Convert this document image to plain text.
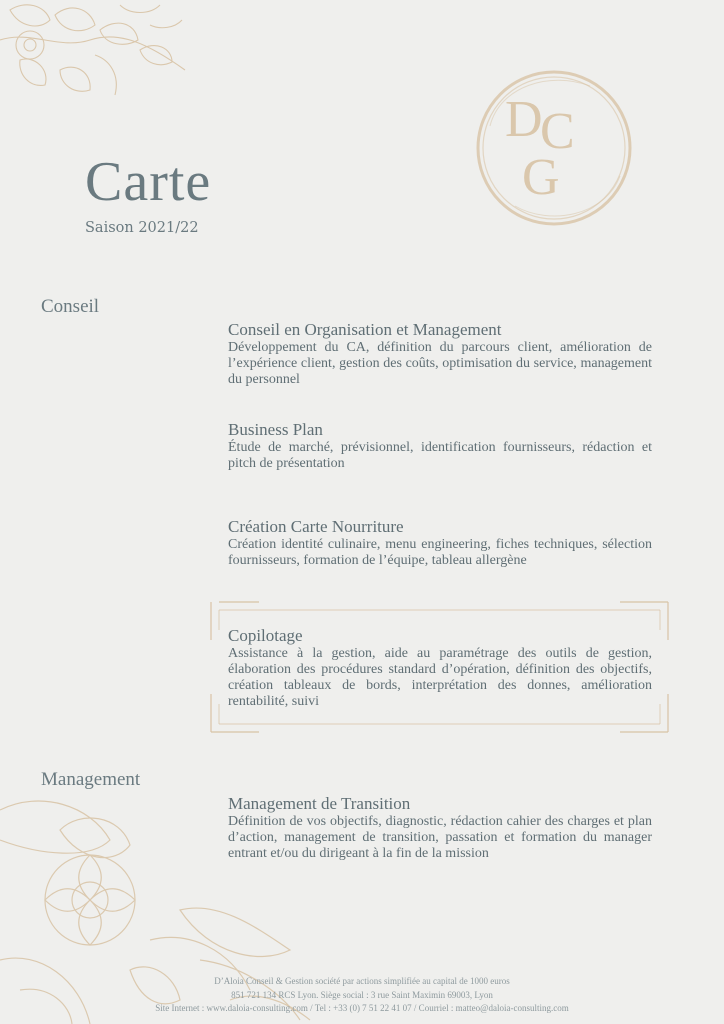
D
C
G
Carte
Saison 2021/22
Conseil
Conseil en Organisation et Management

Développement du CA, définition du parcours client, amélioration de l’expérience client, gestion des coûts, optimisation du service, management du personnel

Business Plan

Étude de marché, prévisionnel, identification fournisseurs, rédaction et pitch de présentation

Création Carte Nourriture

Création identité culinaire, menu engineering, fiches techniques, sélection fournisseurs, formation de l’équipe, tableau allergène

Copilotage

Assistance à la gestion, aide au paramétrage des outils de gestion, élaboration des procédures standard d’opération, définition des objectifs, création tableaux de bords, interprétation des donnes, amélioration rentabilité, suivi

Management
Management de Transition

Définition de vos objectifs, diagnostic, rédaction cahier des charges et plan d’action, management de transition, passation et formation du manager entrant et/ou du dirigeant à la fin de la mission

D’Aloia Conseil & Gestion société par actions simplifiée au capital de 1000 euros
851 721 134 RCS Lyon. Siège social : 3 rue Saint Maximin 69003, Lyon
Site Internet : www.daloia-consulting.com / Tel : +33 (0) 7 51 22 41 07 / Courriel : matteo@daloia-consulting.com
